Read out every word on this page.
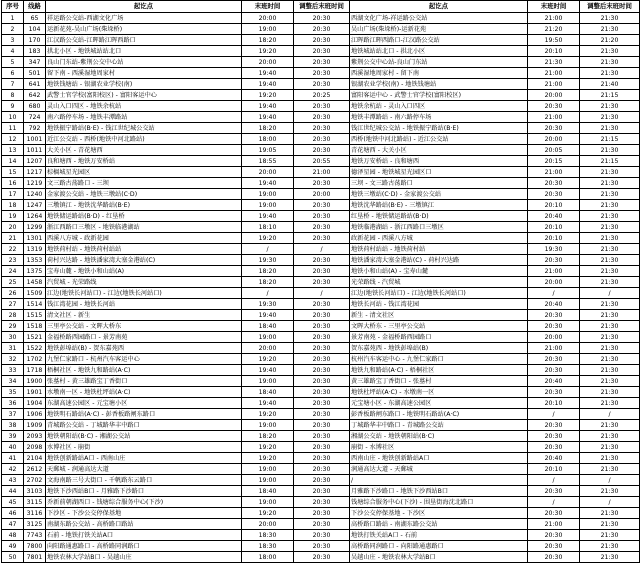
序号	线路	起讫点	末班时间	调整后末班时间	起讫点	末班时间	调整后末班时间
1	65	祥运路公交站-西湖文化广场	20:00	20:30	西湖文化广场-祥运路公交站	21:00	21:30
2	104	运新花苑-吴山广场(柴垛桥)	19:00	20:30	吴山广场(柴垛桥)-运新花苑	21:20	21:30
3	170	江汉路公交站-江晖路江晖西路口	18:20	20:30	江晖路江晖西路口-江汉路公交站	19:50	21:20
4	183	拱北小区 - 地铁城站站北口	19:20	20:30	地铁城站站北口 - 拱北小区	20:10	21:30
5	347	良山门东站-紫荆公交中心站	20:00	20:30	紫荆公交中心站-良山门东站	21:30	21:30
6	501	留下南 - 西溪湿地周家村	19:40	20:30	西溪湿地周家村 - 留下南	21:00	21:30
7	641	地铁钱塘站 - 银湖农业学校(南)	19:40	20:30	银湖农业学校(南) - 地铁钱塘站	21:00	21:40
8	642	武警士官学校(富阳校区) - 富阳客运中心	19:20	20:25	富阳客运中心 - 武警士官学校(富阳校区)	20:00	21:15
9	680	灵山入口四区 - 地铁余杭站	19:40	20:30	地铁余杭站 - 灵山入口四区	20:30	21:30
10	724	南六路停车场 - 地铁丰潭路站	19:40	20:30	地铁丰潭路站 - 南六路停车场	21:00	21:30
11	792	地铁振宁路站(B·E) - 钱江世纪城公交站	18:20	20:30	钱江世纪城公交站 - 地铁振宁路站(B·E)	20:30	21:30
12	1001	近江公交站 - 西桥(地铁中河北路站)	18:00	20:30	西桥(地铁中河北路站) - 近江公交站	20:00	21:15
13	1011	大关小区 - 青花塘西	19:05	20:30	青花塘西 - 大关小区	20:05	21:30
14	1207	良和塘西 - 地铁万安桥站	18:55	20:55	地铁万安桥站 - 良和塘西	20:15	21:15
15	1217	棕榈城星光园区	20:00	21:00	德泽星园 - 地铁城星光园区口	21:00	21:30
16	1219	文三路古荡路口 - 三坝	19:40	20:30	三坝 - 文三路古荡路口	20:30	21:30
17	1240	金家渡公交站 - 地铁三墩站(C·D)	19:00	20:00	地铁三墩站(C·D) - 金家渡公交站	20:30	21:30
18	1247	三墩镇江 - 地铁沈华路站(B·E)	19:00	20:30	地铁沈华路站(B·E) - 三墩镇江	20:10	21:30
19	1264	地铁储运路站(B·D) - 红垦桥	19:40	20:30	红垦桥 - 地铁储运路站(B·D)	20:40	21:30
20	1299	浙江西路口三墩区 - 地铁临港湖站	18:10	20:30	地铁临港湖站 - 浙江西路口三墩区	20:10	21:30
21	1301	西溪八方城 - 政新花园	19:20	20:30	政新花园 - 西溪八方城	20:10	21:30
22	1319	地铁荷村站 - 地铁荷村站站	/	/	地铁荷村站站 - 地铁荷村站	19:30	21:30
23	1353	荷村兴达路 - 地铁潘家湾大塞金港站(C)	19:30	20:30	地铁潘家湾大塞金港站(C) - 荷村兴达路	20:30	21:30
24	1375	宝寿山麓 - 地铁小和山站(A)	18:20	20:30	地铁小和山站(A) - 宝寿山麓	21:00	21:30
25	1458	汽贸城 - 光荣路线	18:20	20:30	光荣路线 - 汽贸城	20:00	21:30
26	1509	江边(地铁长河站口) - 江边(地铁长河站口)	/	/	江边(地铁长河站口) - 江边(地铁长河站口)	/	/
27	1514	钱江湾花园 - 地铁长河站	19:30	20:30	地铁长河站 - 钱江湾花园	20:40	21:30
28	1515	清文社区 - 新生	19:40	20:30	新生 - 清文社区	20:30	21:30
29	1518	三里亭公交站 - 文晖大桥东	18:40	20:30	文晖大桥东 - 三里亭公交站	20:30	21:30
30	1521	金福桥路西园路口 - 景芳南苑	19:00	20:30	景芳南苑 - 金福桥路西园路口	20:00	21:30
31	1522	地铁彭埠站(B) - 贺东嘉苑西	20:00	20:30	贺东嘉苑西 - 地铁彭埠站(B)	21:00	21:30
32	1702	九堡仁家路口 - 杭州汽车客运中心	19:20	20:30	杭州汽车客运中心 - 九堡仁家路口	20:30	21:30
33	1718	梧桐社区 - 地铁九和路站(A·C)	19:40	20:30	地铁九和路站(A·C) - 梧桐社区	20:30	21:30
34	1900	张墓村 - 黄三雄路宝丁香街口	19:00	20:30	黄三雄路宝丁香街口 - 张墓村	20:40	21:30
35	1901	水墩南一区 - 地铁杜坪站(A·C)	18:40	20:30	地铁杜坪站(A·C) - 水墩南一区	20:30	21:30
36	1904	东湖高速公园区 - 元宝塘小区	19:40	20:30	元宝塘小区 - 东湖高速公园区	20:10	21:30
37	1906	地铁明石路站(A·C) - 彭香板路闸东路口	19:20	20:30	彭香板路闸东路口 - 地铁明石路站(A·C)	/	/
38	1909	青城路公交站 - 丁城路华丰中路口	19:00	20:30	丁城路华丰中路口 - 青城路公交站	20:30	21:30
39	2093	地铁朝阳站(B·C) - 湘湖公交站	18:20	20:30	湘湖公交站 - 地铁朝阳站(B·C)	20:30	21:30
40	2098	水博社区 - 崩街	19:20	20:30	崩街 - 水博社区	20:30	21:30
41	2104	地铁创新路站A口 - 西南山庄	19:20	20:30	西南山庄 - 地铁创新路站A口	20:40	21:30
42	2612	天郵城 - 润通高达大道	19:00	20:30	润通高达大道 - 天郵城	20:10	21:30
43	2702	文海南路三号大街口 - 千帆路东云路口	19:00	20:30	/	/	/
44	3103	地铁下沙西站B口 - 月雅路下沙路口	18:40	20:30	月雅路下沙路口 - 地铁下沙西站B口	20:30	21:30
45	3115	乔新前朝湖西口 - 钱塘综合服务中心(下沙)	19:00	20:30	钱塘综合服务中心(下沙) - 围垦街海沈北路口	/	/
46	3116	下沙区 - 下沙公交停保基地	19:20	20:30	下沙公交停保基地 - 下沙区	20:30	21:30
47	3125	南湖东路公交站 - 高桥路口路站	20:00	20:30	高桥路口路站 - 南湖东路公交站	21:00	21:30
48	7743	石前 - 地铁打铁关站A口	18:30	20:30	地铁打铁关站A口 - 石前	20:30	21:30
49	7800	向阳路通惠路口 - 高桥路同润路口	18:30	20:30	高桥路同润路口 - 向阳路通惠路口	20:30	21:30
50	7801	地铁农林大学站B口 - 吴越山庄	18:00	20:30	吴越山庄 - 地铁农林大学站B口	20:30	21:30
